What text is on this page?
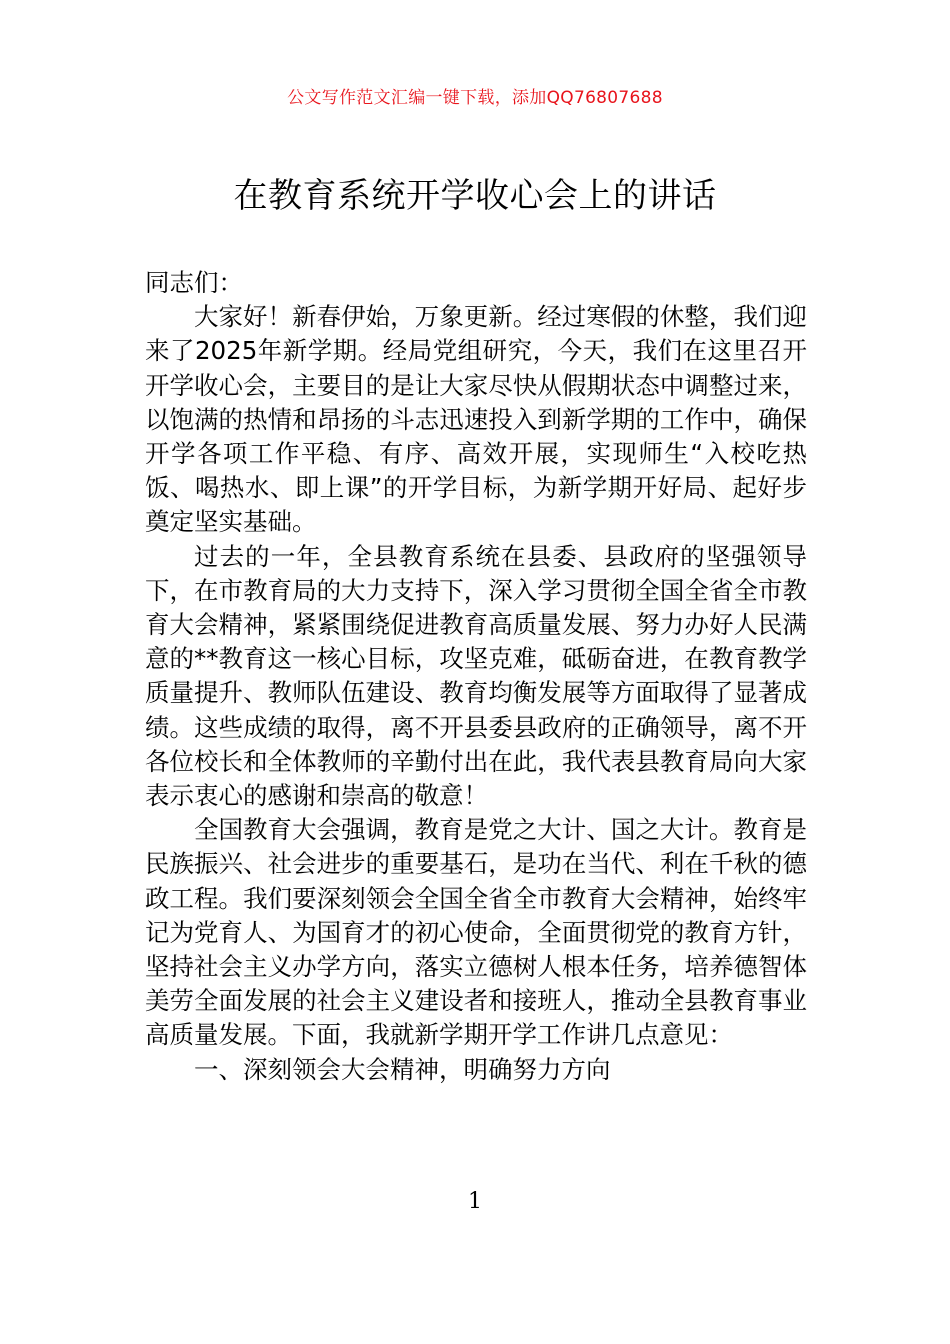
公文写作范文汇编一键下载，添加QQ76807688
在教育系统开学收心会上的讲话

同志们：

大家好！新春伊始，万象更新。经过寒假的休整，我们迎来了2025年新学期。经局党组研究，今天，我们在这里召开开学收心会，主要目的是让大家尽快从假期状态中调整过来，以饱满的热情和昂扬的斗志迅速投入到新学期的工作中，确保开学各项工作平稳、有序、高效开展，实现师生“入校吃热饭、喝热水、即上课”的开学目标，为新学期开好局、起好步奠定坚实基础。

过去的一年，全县教育系统在县委、县政府的坚强领导下，在市教育局的大力支持下，深入学习贯彻全国全省全市教育大会精神，紧紧围绕促进教育高质量发展、努力办好人民满意的**教育这一核心目标，攻坚克难，砥砺奋进，在教育教学质量提升、教师队伍建设、教育均衡发展等方面取得了显著成绩。这些成绩的取得，离不开县委县政府的正确领导，离不开各位校长和全体教师的辛勤付出在此，我代表县教育局向大家表示衷心的感谢和崇高的敬意！

全国教育大会强调，教育是党之大计、国之大计。教育是民族振兴、社会进步的重要基石，是功在当代、利在千秋的德政工程。我们要深刻领会全国全省全市教育大会精神，始终牢记为党育人、为国育才的初心使命，全面贯彻党的教育方针，坚持社会主义办学方向，落实立德树人根本任务，培养德智体美劳全面发展的社会主义建设者和接班人，推动全县教育事业高质量发展。下面，我就新学期开学工作讲几点意见：

一、深刻领会大会精神，明确努力方向

1
